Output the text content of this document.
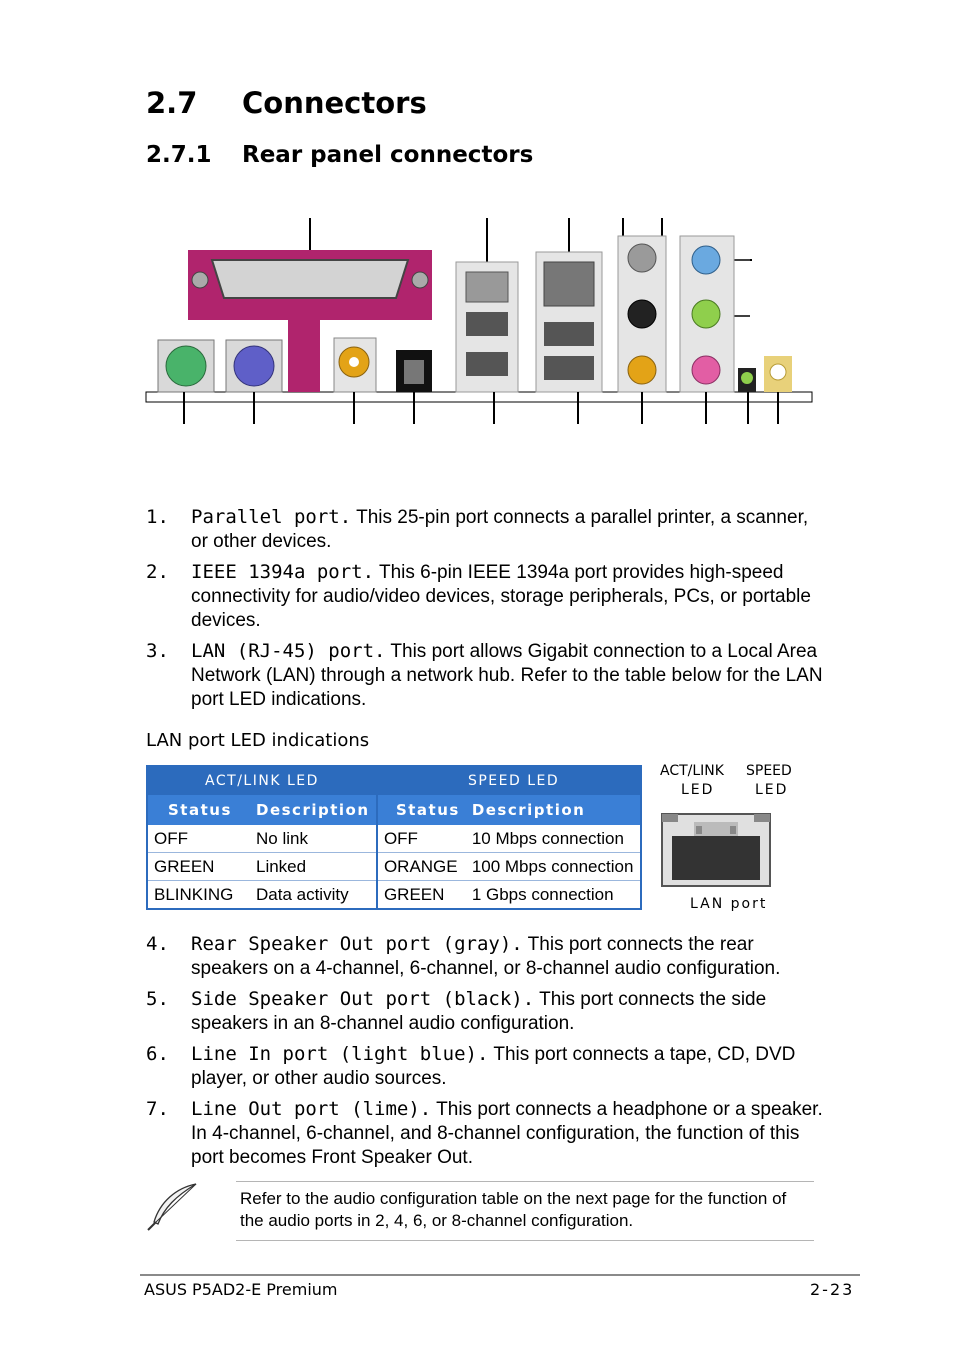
2.7 Connectors
2.7.1 Rear panel connectors
1. Parallel port. This 25-pin port connects a parallel printer, a scanner, or other devices.
2. IEEE 1394a port. This 6-pin IEEE 1394a port provides high-speed connectivity for audio/video devices, storage peripherals, PCs, or portable devices.
3. LAN (RJ-45) port. This port allows Gigabit connection to a Local Area Network (LAN) through a network hub. Refer to the table below for the LAN port LED indications.
LAN port LED indications
ACT/LINK LED		SPEED LED	
Status	Description	Status	Description
OFF	No link	OFF	10 Mbps connection
GREEN	Linked	ORANGE	100 Mbps connection
BLINKING	Data activity	GREEN	1 Gbps connection
ACT/LINK SPEED
LED	LED
LAN port
4. Rear Speaker Out port (gray). This port connects the rear speakers on a 4-channel, 6-channel, or 8-channel audio configuration.
5. Side Speaker Out port (black). This port connects the side speakers in an 8-channel audio configuration.
6. Line In port (light blue). This port connects a tape, CD, DVD player, or other audio sources.
7. Line Out port (lime). This port connects a headphone or a speaker. In 4-channel, 6-channel, and 8-channel configuration, the function of this port becomes Front Speaker Out.
Refer to the audio configuration table on the next page for the function of the audio ports in 2, 4, 6, or 8-channel configuration.
ASUS P5AD2-E Premium	2-23
